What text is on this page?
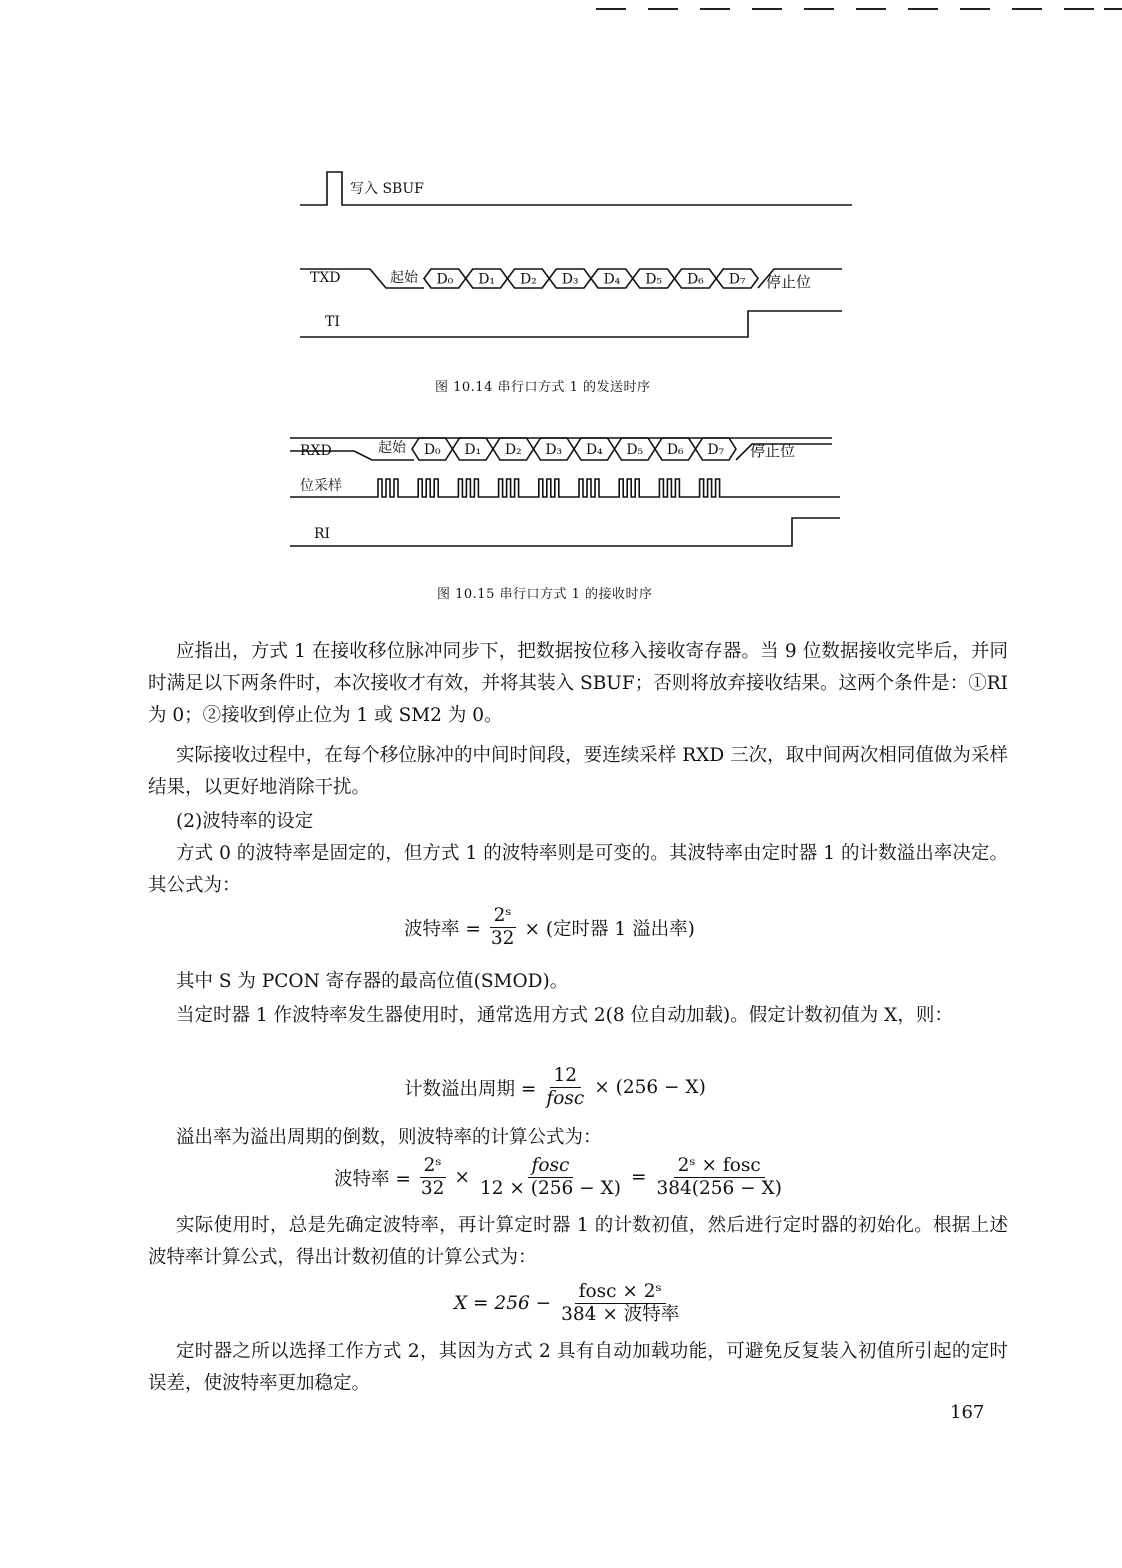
写入 SBUF
TXD	起始 D₀ D₁ D₂ D₃ D₄ D₅ D₆ D₇ 停止位
TI
图 10.14 串行口方式 1 的发送时序
RXD	起始 D₀ D₁ D₂ D₃ D₄ D₅ D₆ D₇ 停止位
位采样
RI
图 10.15 串行口方式 1 的接收时序
应指出，方式 1 在接收移位脉冲同步下，把数据按位移入接收寄存器。当 9 位数据接收完毕后，并同时满足以下两条件时，本次接收才有效，并将其装入 SBUF；否则将放弃接收结果。这两个条件是：①RI 为 0；②接收到停止位为 1 或 SM2 为 0。
实际接收过程中，在每个移位脉冲的中间时间段，要连续采样 RXD 三次，取中间两次相同值做为采样结果，以更好地消除干扰。
(2)波特率的设定
方式 0 的波特率是固定的，但方式 1 的波特率则是可变的。其波特率由定时器 1 的计数溢出率决定。其公式为：
波特率 = $\frac{\text{2ˢ}}{32}$ × (定时器 1 溢出率)
其中 S 为 PCON 寄存器的最高位值(SMOD)。
当定时器 1 作波特率发生器使用时，通常选用方式 2(8 位自动加载)。假定计数初值为 X，则：
计数溢出周期 = $\frac{12}{\text{fosc}} \times (256 - X)$
溢出率为溢出周期的倒数，则波特率的计算公式为：
波特率 = $\frac{\text{2ˢ}}{32} \times \frac{\text{fosc}}{12 \times (256 - X)} = \frac{\text{2ˢ × fosc}}{384(256 - X)}$
实际使用时，总是先确定波特率，再计算定时器 1 的计数初值，然后进行定时器的初始化。根据上述波特率计算公式，得出计数初值的计算公式为：
$X = 256 - \frac{\text{fosc × 2ˢ}}{\text{384 × 波特率}}$
定时器之所以选择工作方式 2，其因为方式 2 具有自动加载功能，可避免反复装入初值所引起的定时误差，使波特率更加稳定。
167
